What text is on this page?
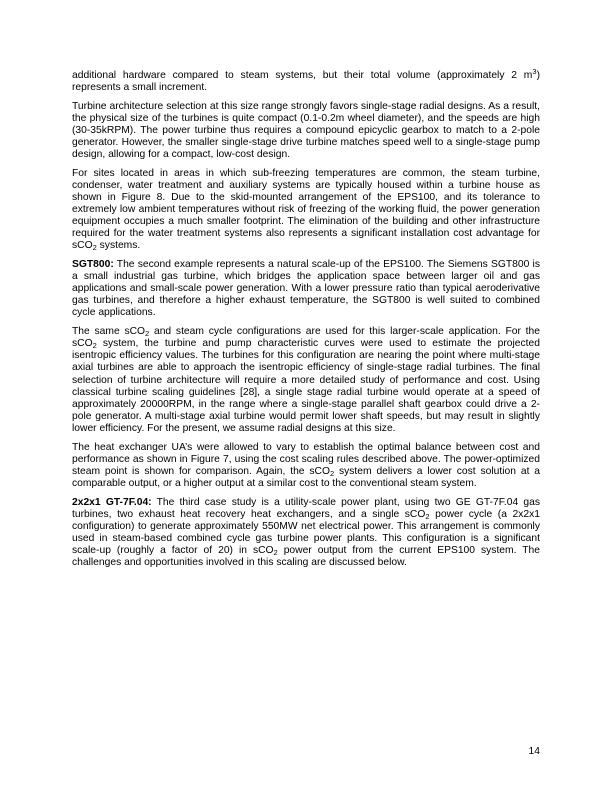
additional hardware compared to steam systems, but their total volume (approximately 2 $m^3$) represents a small increment.

Turbine architecture selection at this size range strongly favors single-stage radial designs. As a result, the physical size of the turbines is quite compact (0.1-0.2m wheel diameter), and the speeds are high (30-35kRPM). The power turbine thus requires a compound epicyclic gearbox to match to a 2-pole generator. However, the smaller single-stage drive turbine matches speed well to a single-stage pump design, allowing for a compact, low-cost design.

For sites located in areas in which sub-freezing temperatures are common, the steam turbine, condenser, water treatment and auxiliary systems are typically housed within a turbine house as shown in Figure 8. Due to the skid-mounted arrangement of the EPS100, and its tolerance to extremely low ambient temperatures without risk of freezing of the working fluid, the power generation equipment occupies a much smaller footprint. The elimination of the building and other infrastructure required for the water treatment systems also represents a significant installation cost advantage for sCO$_2$ systems.

SGT800: The second example represents a natural scale-up of the EPS100. The Siemens SGT800 is a small industrial gas turbine, which bridges the application space between larger oil and gas applications and small-scale power generation. With a lower pressure ratio than typical aeroderivative gas turbines, and therefore a higher exhaust temperature, the SGT800 is well suited to combined cycle applications.

The same sCO$_2$ and steam cycle configurations are used for this larger-scale application. For the sCO$_2$ system, the turbine and pump characteristic curves were used to estimate the projected isentropic efficiency values. The turbines for this configuration are nearing the point where multi-stage axial turbines are able to approach the isentropic efficiency of single-stage radial turbines. The final selection of turbine architecture will require a more detailed study of performance and cost. Using classical turbine scaling guidelines [28], a single stage radial turbine would operate at a speed of approximately 20000RPM, in the range where a single-stage parallel shaft gearbox could drive a 2-pole generator. A multi-stage axial turbine would permit lower shaft speeds, but may result in slightly lower efficiency. For the present, we assume radial designs at this size.

The heat exchanger UA’s were allowed to vary to establish the optimal balance between cost and performance as shown in Figure 7, using the cost scaling rules described above. The power-optimized steam point is shown for comparison. Again, the sCO$_2$ system delivers a lower cost solution at a comparable output, or a higher output at a similar cost to the conventional steam system.

2x2x1 GT-7F.04: The third case study is a utility-scale power plant, using two GE GT-7F.04 gas turbines, two exhaust heat recovery heat exchangers, and a single sCO$_2$ power cycle (a 2x2x1 configuration) to generate approximately 550MW net electrical power. This arrangement is commonly used in steam-based combined cycle gas turbine power plants. This configuration is a significant scale-up (roughly a factor of 20) in sCO$_2$ power output from the current EPS100 system. The challenges and opportunities involved in this scaling are discussed below.

14
